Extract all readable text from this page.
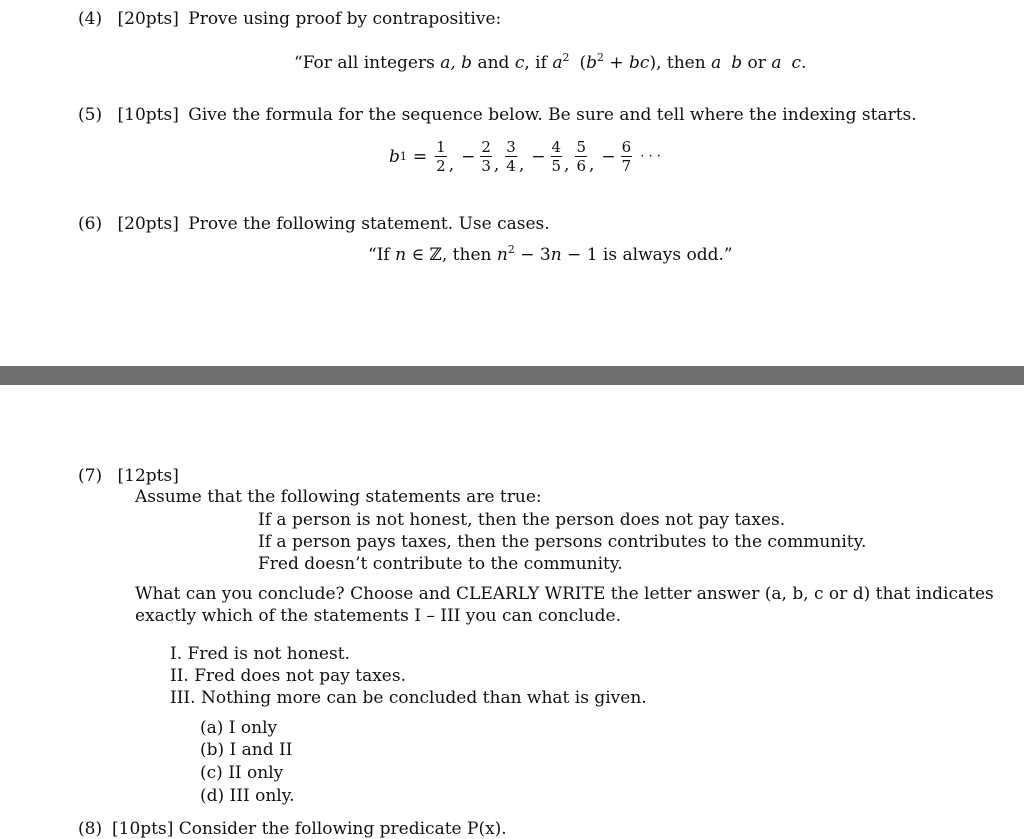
(4) [20pts] Prove using proof by contrapositive:
“For all integers a, b and c, if $a^2$ $(b^2 + bc)$, then a b or a c.
(5) [10pts] Give the formula for the sequence below. Be sure and tell where the indexing starts.
b $1 = \frac{1}{2}$ , − $\frac{2}{3}$ , $\frac{3}{4}$ , − $\frac{4}{5}$ , $\frac{5}{6}$ , − $\frac{6}{7}$ · · ·
(6) [20pts] Prove the following statement. Use cases.
“If n ∈ ℤ, then $n^2 - 3n - 1$ is always odd.”
(7) [12pts]
Assume that the following statements are true:
If a person is not honest, then the person does not pay taxes.
If a person pays taxes, then the persons contributes to the community.
Fred doesn’t contribute to the community.
What can you conclude? Choose and CLEARLY WRITE the letter answer (a, b, c or d) that indicates
exactly which of the statements I – III you can conclude.
I. Fred is not honest.
II. Fred does not pay taxes.
III. Nothing more can be concluded than what is given.
(a) I only
(b) I and II
(c) II only
(d) III only.
(8) [10pts] Consider the following predicate P(x).
